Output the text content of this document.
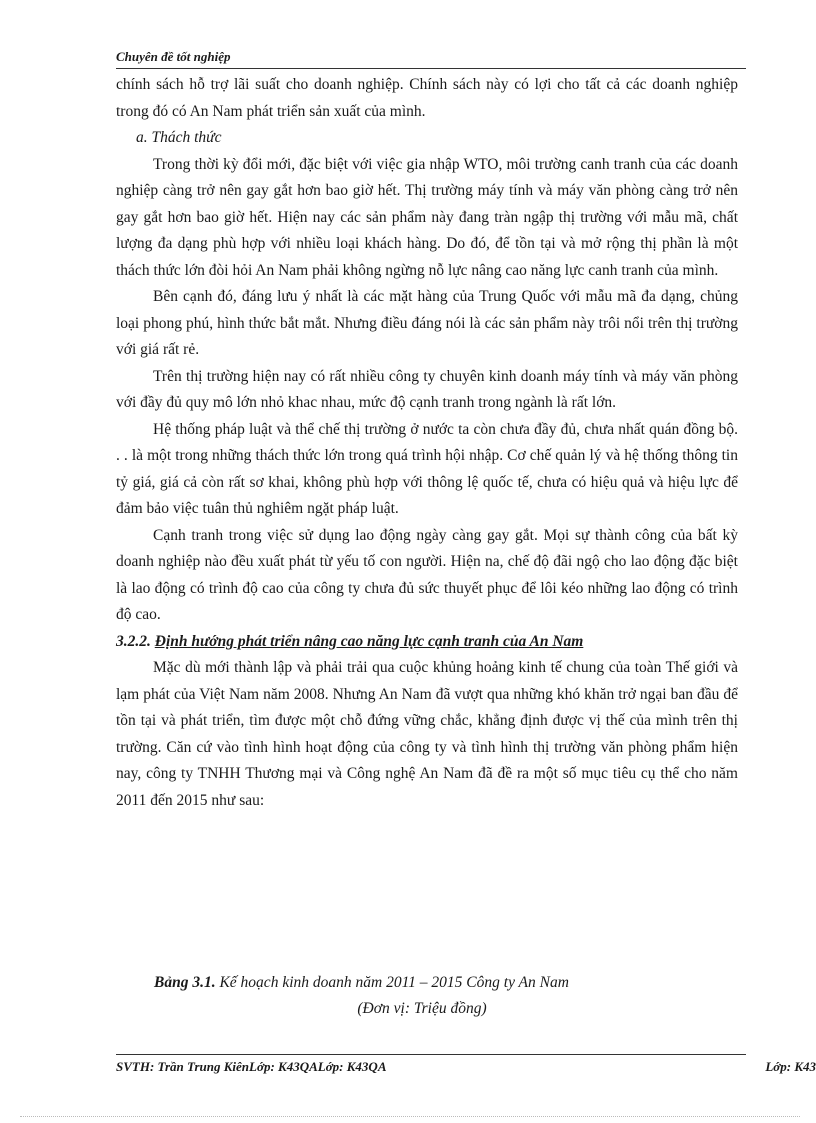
Chuyên đề tốt nghiệp

chính sách hỗ trợ lãi suất cho doanh nghiệp. Chính sách này có lợi cho tất cả các doanh nghiệp trong đó có An Nam phát triển sản xuất của mình.

a. Thách thức

Trong thời kỳ đổi mới, đặc biệt với việc gia nhập WTO, môi trường canh tranh của các doanh nghiệp càng trở nên gay gắt hơn bao giờ hết. Thị trường máy tính và máy văn phòng càng trở nên gay gắt hơn bao giờ hết. Hiện nay các sản phẩm này đang tràn ngập thị trường với mẫu mã, chất lượng đa dạng phù hợp với nhiều loại khách hàng. Do đó, để tồn tại và mở rộng thị phần là một thách thức lớn đòi hỏi An Nam phải không ngừng nỗ lực nâng cao năng lực canh tranh của mình.

Bên cạnh đó, đáng lưu ý nhất là các mặt hàng của Trung Quốc với mẫu mã đa dạng, chủng loại phong phú, hình thức bắt mắt. Nhưng điều đáng nói là các sản phẩm này trôi nổi trên thị trường với giá rất rẻ.

Trên thị trường hiện nay có rất nhiều công ty chuyên kinh doanh máy tính và máy văn phòng với đầy đủ quy mô lớn nhỏ khac nhau, mức độ cạnh tranh trong ngành là rất lớn.

Hệ thống pháp luật và thể chế thị trường ở nước ta còn chưa đầy đủ, chưa nhất quán đồng bộ. . . là một trong những thách thức lớn trong quá trình hội nhập. Cơ chế quản lý và hệ thống thông tin tỷ giá, giá cả còn rất sơ khai, không phù hợp với thông lệ quốc tế, chưa có hiệu quả và hiệu lực để đảm bảo việc tuân thủ nghiêm ngặt pháp luật.

Cạnh tranh trong việc sử dụng lao động ngày càng gay gắt. Mọi sự thành công của bất kỳ doanh nghiệp nào đều xuất phát từ yếu tố con người. Hiện na, chế độ đãi ngộ cho lao động đặc biệt là lao động có trình độ cao của công ty chưa đủ sức thuyết phục để lôi kéo những lao động có trình độ cao.

3.2.2. Định hướng phát triển nâng cao năng lực cạnh tranh của An Nam

Mặc dù mới thành lập và phải trải qua cuộc khủng hoảng kinh tế chung của toàn Thế giới và lạm phát của Việt Nam năm 2008. Nhưng An Nam đã vượt qua những khó khăn trở ngại ban đầu để tồn tại và phát triển, tìm được một chỗ đứng vững chắc, khẳng định được vị thế của mình trên thị trường. Căn cứ vào tình hình hoạt động của công ty và tình hình thị trường văn phòng phẩm hiện nay, công ty TNHH Thương mại và Công nghệ An Nam đã đề ra một số mục tiêu cụ thể cho năm 2011 đến 2015 như sau:

Bảng 3.1. Kế hoạch kinh doanh năm 2011 – 2015 Công ty An Nam
(Đơn vị: Triệu đồng)
SVTH: Trần Trung KiênLớp: K43QALớp: K43QA	Lớp: K43
